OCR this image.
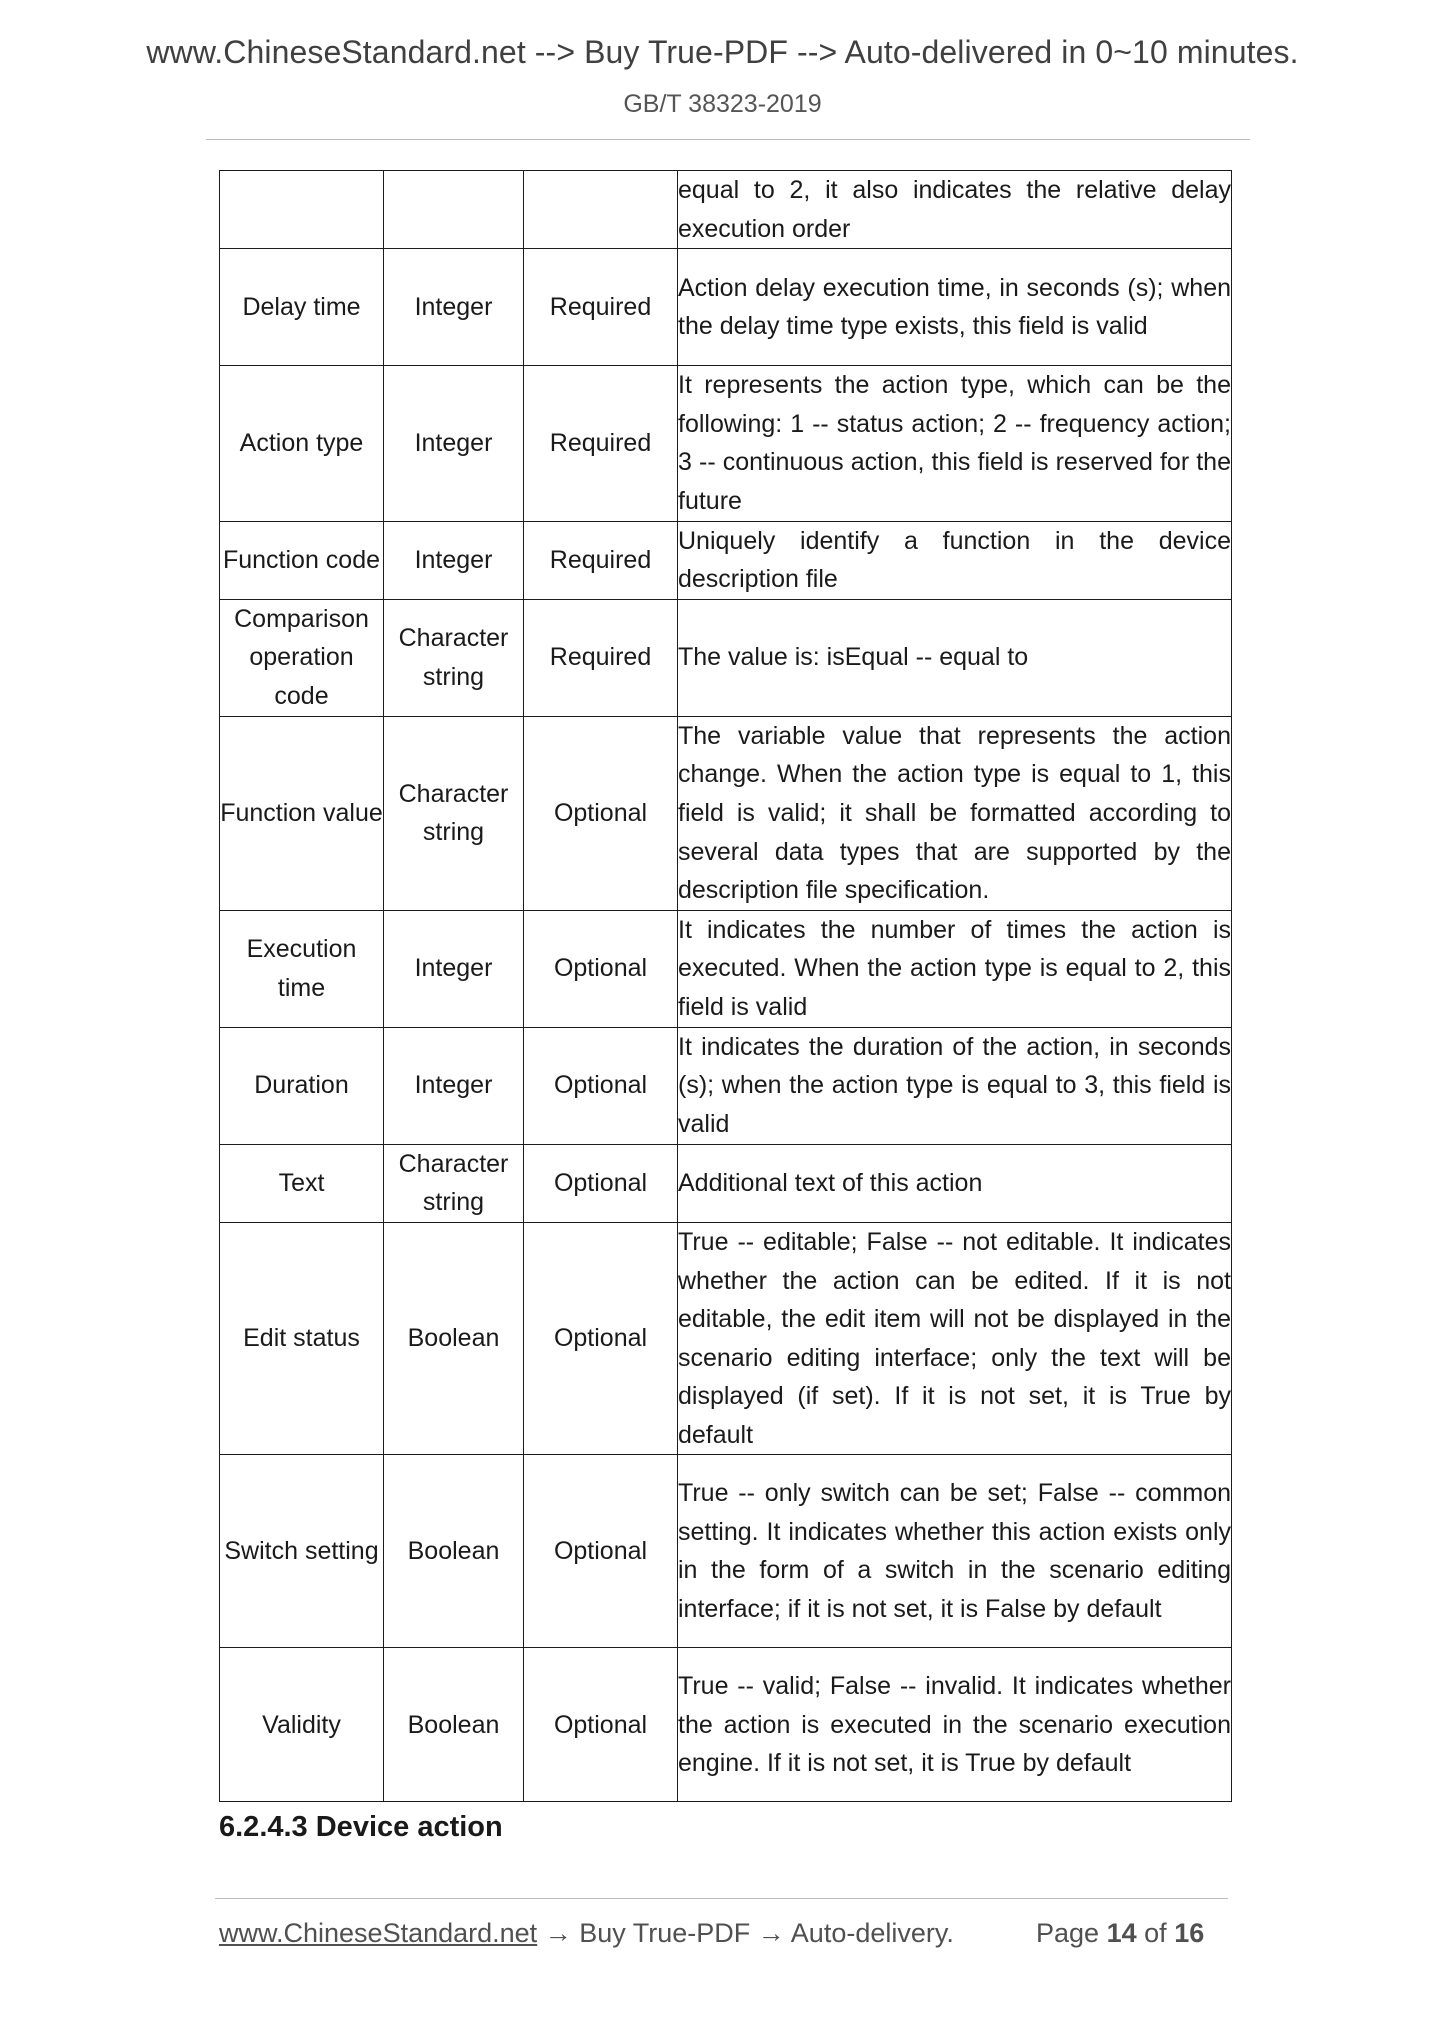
www.ChineseStandard.net --> Buy True-PDF --> Auto-delivered in 0~10 minutes.
GB/T 38323-2019
			equal to 2, it also indicates the relative delay execution order
Delay time	Integer	Required	Action delay execution time, in seconds (s); when the delay time type exists, this field is valid
Action type	Integer	Required	It represents the action type, which can be the following: 1 -- status action; 2 -- frequency action; 3 -- continuous action, this field is reserved for the future
Function code	Integer	Required	Uniquely identify a function in the device description file
Comparison operation code	Character string	Required	The value is: isEqual -- equal to
Function value	Character string	Optional	The variable value that represents the action change. When the action type is equal to 1, this field is valid; it shall be formatted according to several data types that are supported by the description file specification.
Execution time	Integer	Optional	It indicates the number of times the action is executed. When the action type is equal to 2, this field is valid
Duration	Integer	Optional	It indicates the duration of the action, in seconds (s); when the action type is equal to 3, this field is valid
Text	Character string	Optional	Additional text of this action
Edit status	Boolean	Optional	True -- editable; False -- not editable. It indicates whether the action can be edited. If it is not editable, the edit item will not be displayed in the scenario editing interface; only the text will be displayed (if set). If it is not set, it is True by default
Switch setting	Boolean	Optional	True -- only switch can be set; False -- common setting. It indicates whether this action exists only in the form of a switch in the scenario editing interface; if it is not set, it is False by default
Validity	Boolean	Optional	True -- valid; False -- invalid. It indicates whether the action is executed in the scenario execution engine. If it is not set, it is True by default
6.2.4.3 Device action
www.ChineseStandard.net → Buy True-PDF → Auto-delivery.	Page 14 of 16
